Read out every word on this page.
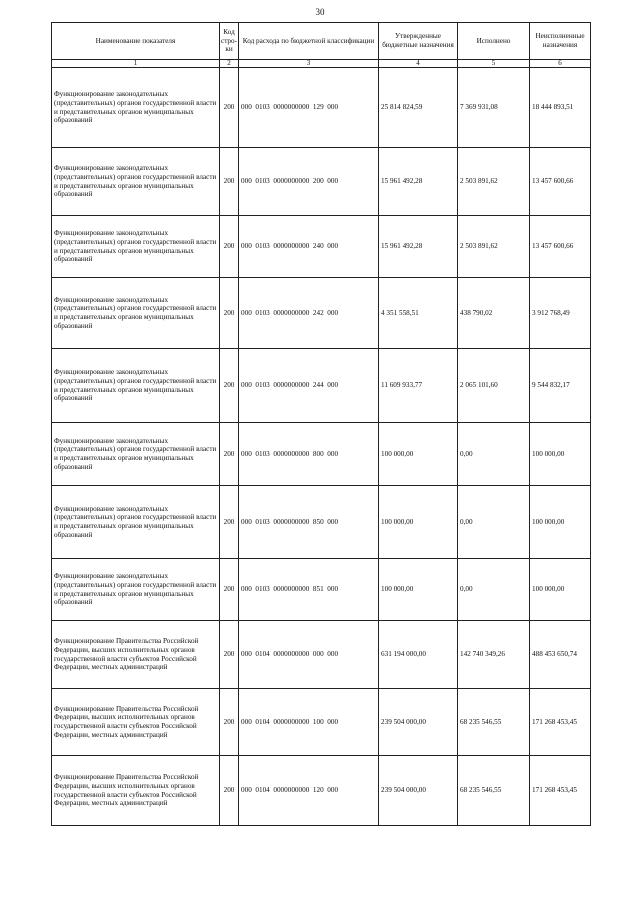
30
Наименование показателя	Код стро-ки	Код расхода по бюджетной классификации	Утвержденные бюджетные назначения	Исполнено	Неисполненные назначения
1	2	3	4	5	6
Функционирование законодательных (представительных) органов государственной власти и представительных органов муниципальных образований	200	000  0103  0000000000  129  000	25 814 824,59	7 369 931,08	18 444 893,51
Функционирование законодательных (представительных) органов государственной власти и представительных органов муниципальных образований	200	000  0103  0000000000  200  000	15 961 492,28	2 503 891,62	13 457 600,66
Функционирование законодательных (представительных) органов государственной власти и представительных органов муниципальных образований	200	000  0103  0000000000  240  000	15 961 492,28	2 503 891,62	13 457 600,66
Функционирование законодательных (представительных) органов государственной власти и представительных органов муниципальных образований	200	000  0103  0000000000  242  000	4 351 558,51	438 790,02	3 912 768,49
Функционирование законодательных (представительных) органов государственной власти и представительных органов муниципальных образований	200	000  0103  0000000000  244  000	11 609 933,77	2 065 101,60	9 544 832,17
Функционирование законодательных (представительных) органов государственной власти и представительных органов муниципальных образований	200	000  0103  0000000000  800  000	100 000,00	0,00	100 000,00
Функционирование законодательных (представительных) органов государственной власти и представительных органов муниципальных образований	200	000  0103  0000000000  850  000	100 000,00	0,00	100 000,00
Функционирование законодательных (представительных) органов государственной власти и представительных органов муниципальных образований	200	000  0103  0000000000  851  000	100 000,00	0,00	100 000,00
Функционирование Правительства Российской Федерации, высших исполнительных органов государственной власти субъектов Российской Федерации, местных администраций	200	000  0104  0000000000  000  000	631 194 000,00	142 740 349,26	488 453 650,74
Функционирование Правительства Российской Федерации, высших исполнительных органов государственной власти субъектов Российской Федерации, местных администраций	200	000  0104  0000000000  100  000	239 504 000,00	68 235 546,55	171 268 453,45
Функционирование Правительства Российской Федерации, высших исполнительных органов государственной власти субъектов Российской Федерации, местных администраций	200	000  0104  0000000000  120  000	239 504 000,00	68 235 546,55	171 268 453,45
